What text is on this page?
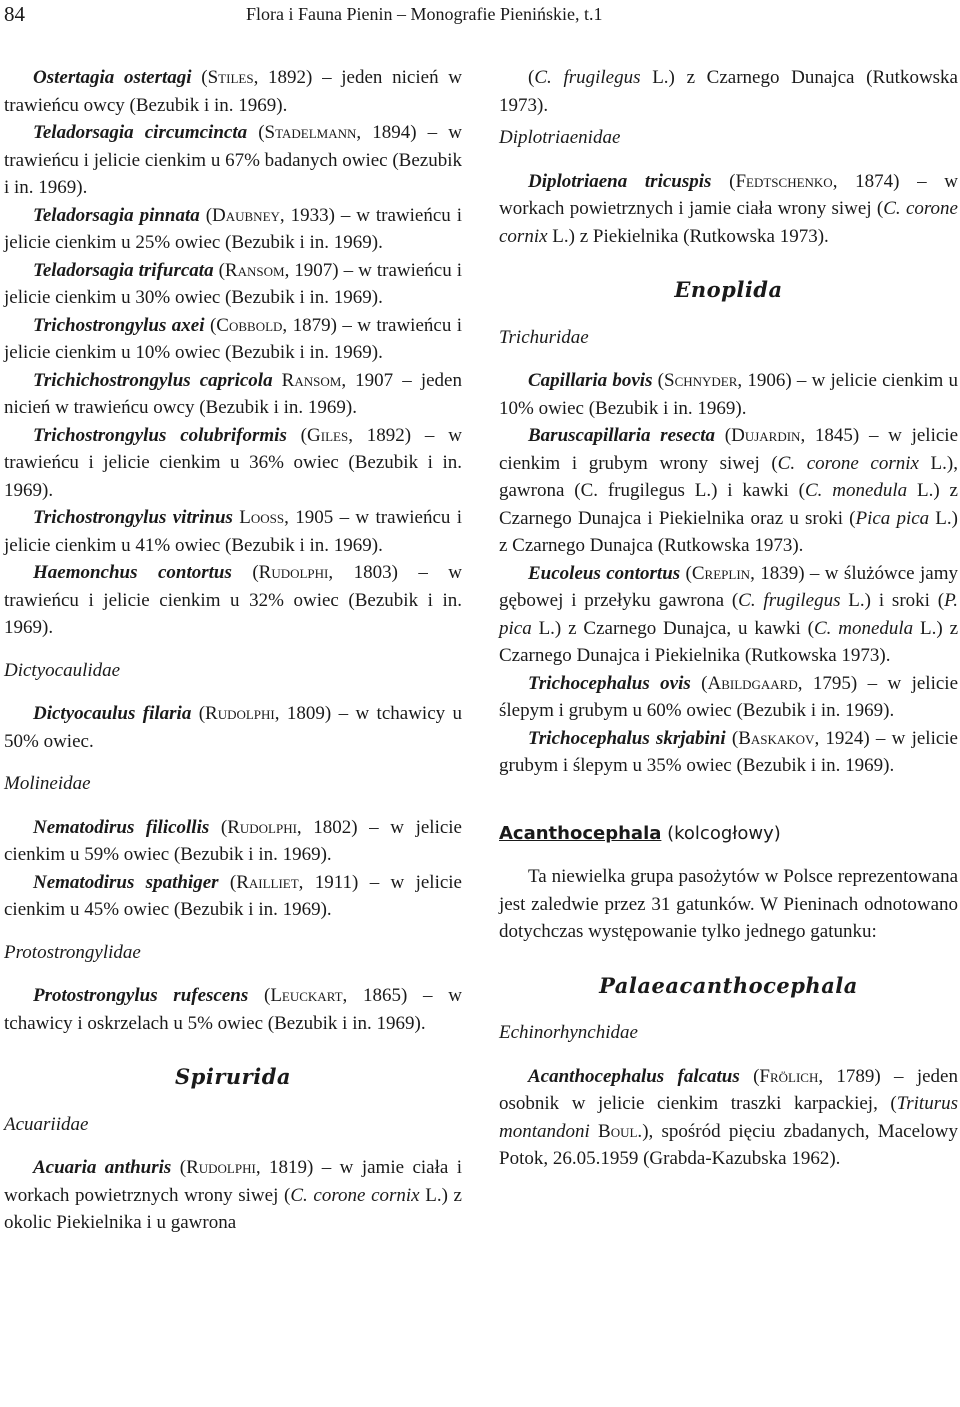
84	Flora i Fauna Pienin – Monografie Pienińskie, t.1

Ostertagia ostertagi (Stiles, 1892) – jeden nicień w trawieńcu owcy (Bezubik i in. 1969).

Teladorsagia circumcincta (Stadelmann, 1894) – w trawieńcu i jelicie cienkim u 67% badanych owiec (Bezubik i in. 1969).

Teladorsagia pinnata (Daubney, 1933) – w trawieńcu i jelicie cienkim u 25% owiec (Bezubik i in. 1969).

Teladorsagia trifurcata (Ransom, 1907) – w trawieńcu i jelicie cienkim u 30% owiec (Bezubik i in. 1969).

Trichostrongylus axei (Cobbold, 1879) – w trawieńcu i jelicie cienkim u 10% owiec (Bezubik i in. 1969).

Trichichostrongylus capricola Ransom, 1907 – jeden nicień w trawieńcu owcy (Bezubik i in. 1969).

Trichostrongylus colubriformis (Giles, 1892) – w trawieńcu i jelicie cienkim u 36% owiec (Bezubik i in. 1969).

Trichostrongylus vitrinus Looss, 1905 – w trawieńcu i jelicie cienkim u 41% owiec (Bezubik i in. 1969).

Haemonchus contortus (Rudolphi, 1803) – w trawieńcu i jelicie cienkim u 32% owiec (Bezubik i in. 1969).

Dictyocaulidae

Dictyocaulus filaria (Rudolphi, 1809) – w tchawicy u 50% owiec.

Molineidae

Nematodirus filicollis (Rudolphi, 1802) – w jelicie cienkim u 59% owiec (Bezubik i in. 1969).

Nematodirus spathiger (Railliet, 1911) – w jelicie cienkim u 45% owiec (Bezubik i in. 1969).

Protostrongylidae

Protostrongylus rufescens (Leuckart, 1865) – w tchawicy i oskrzelach u 5% owiec (Bezubik i in. 1969).

Spirurida

Acuariidae

Acuaria anthuris (Rudolphi, 1819) – w jamie ciała i workach powietrznych wrony siwej (C. corone cornix L.) z okolic Piekielnika i u gawrona

(C. frugilegus L.) z Czarnego Dunajca (Rutkowska 1973).

Diplotriaenidae

Diplotriaena tricuspis (Fedtschenko, 1874) – w workach powietrznych i jamie ciała wrony siwej (C. corone cornix L.) z Piekielnika (Rutkowska 1973).

Enoplida

Trichuridae

Capillaria bovis (Schnyder, 1906) – w jelicie cienkim u 10% owiec (Bezubik i in. 1969).

Baruscapillaria resecta (Dujardin, 1845) – w jelicie cienkim i grubym wrony siwej (C. corone cornix L.), gawrona (C. frugilegus L.) i kawki (C. monedula L.) z Czarnego Dunajca i Piekielnika oraz u sroki (Pica pica L.) z Czarnego Dunajca (Rutkowska 1973).

Eucoleus contortus (Creplin, 1839) – w ślużówce jamy gębowej i przełyku gawrona (C. frugilegus L.) i sroki (P. pica L.) z Czarnego Dunajca, u kawki (C. monedula L.) z Czarnego Dunajca i Piekielnika (Rutkowska 1973).

Trichocephalus ovis (Abildgaard, 1795) – w jelicie ślepym i grubym u 60% owiec (Bezubik i in. 1969).

Trichocephalus skrjabini (Baskakov, 1924) – w jelicie grubym i ślepym u 35% owiec (Bezubik i in. 1969).

Acanthocephala (kolcogłowy)

Ta niewielka grupa pasożytów w Polsce reprezentowana jest zaledwie przez 31 gatunków. W Pieninach odnotowano dotychczas występowanie tylko jednego gatunku:

Palaeacanthocephala

Echinorhynchidae

Acanthocephalus falcatus (Frölich, 1789) – jeden osobnik w jelicie cienkim traszki karpackiej, (Triturus montandoni Boul.), spośród pięciu zbadanych, Macelowy Potok, 26.05.1959 (Grabda-Kazubska 1962).
